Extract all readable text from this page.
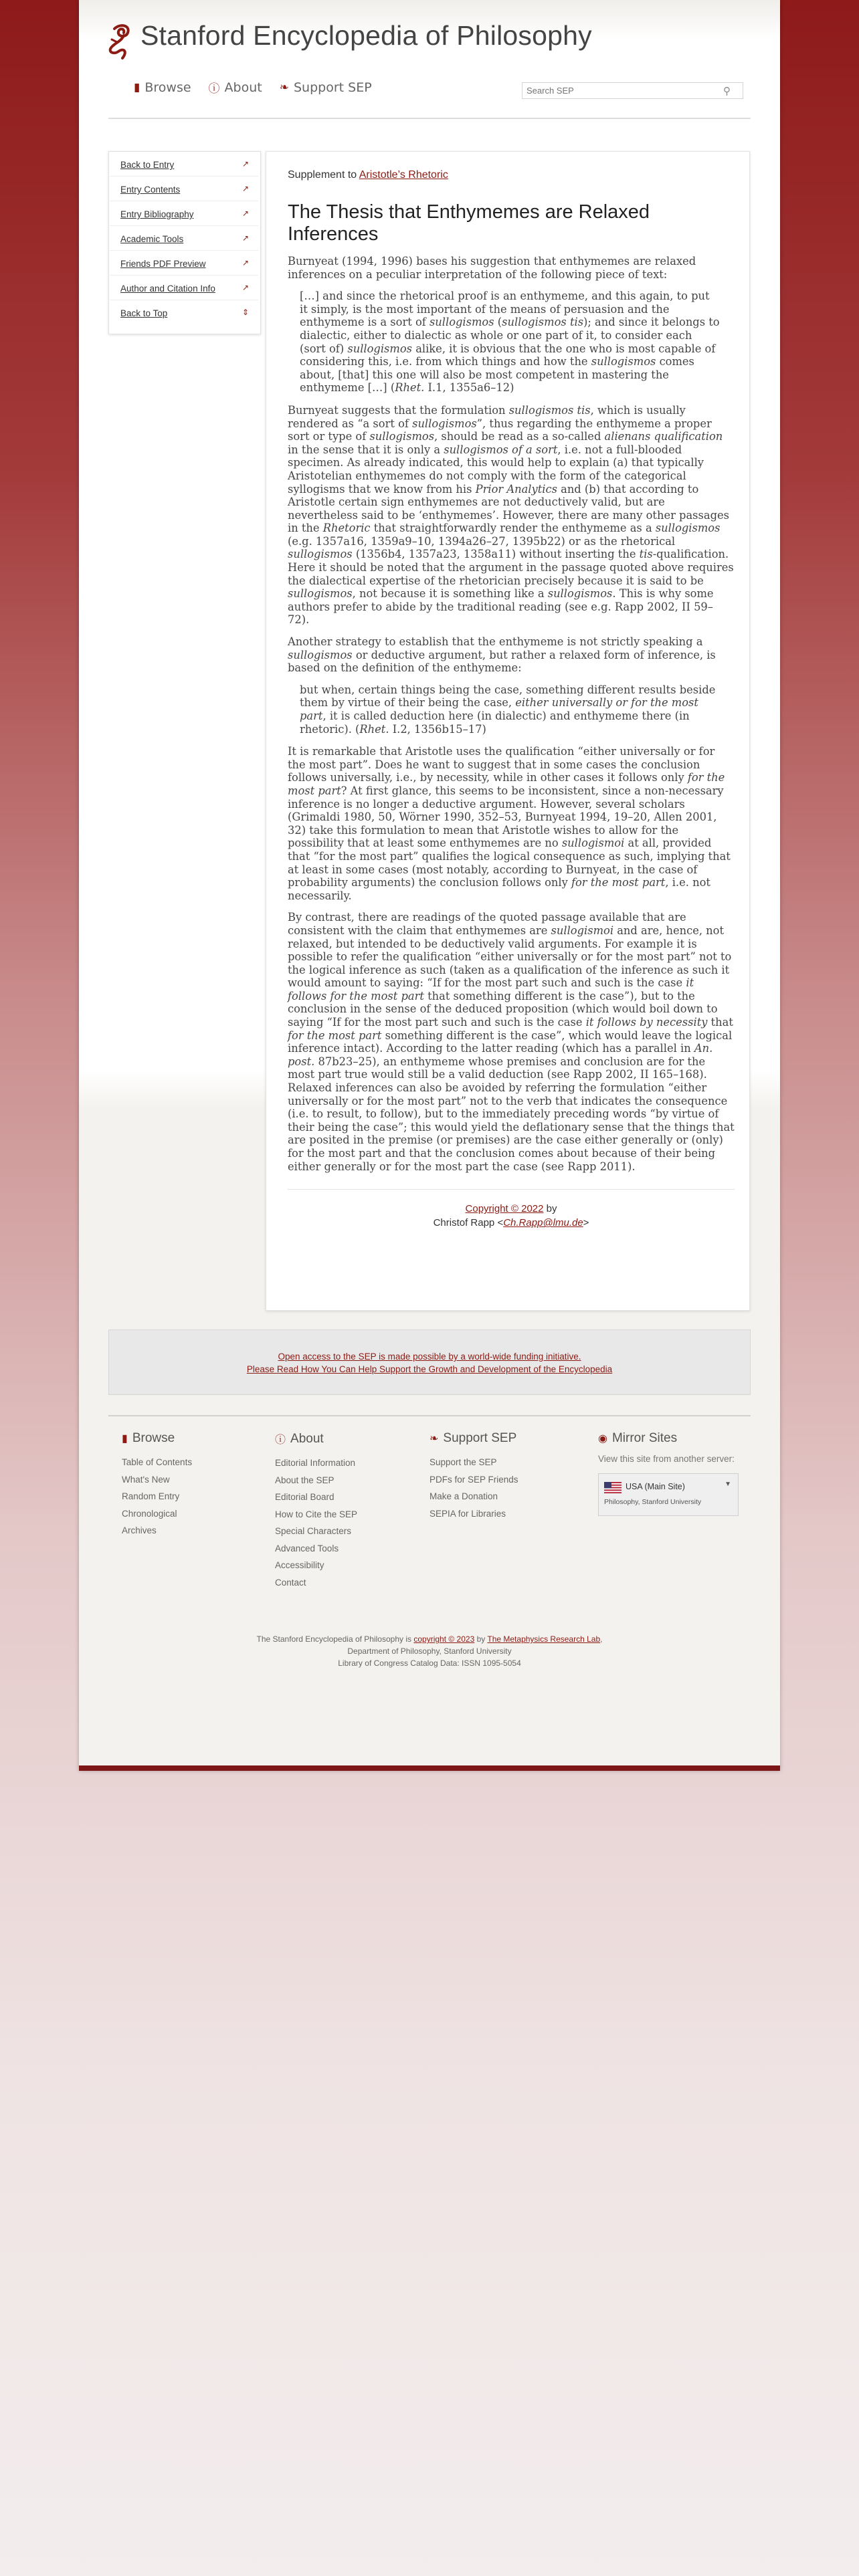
Stanford Encyclopedia of Philosophy
▮ Browse ⓘ About ❧ Support SEP
Search SEP	⚲
Back to Entry	↗
Entry Contents	↗
Entry Bibliography	↗
Academic Tools	↗
Friends PDF Preview	↗
Author and Citation Info	↗
Back to Top	⇕

Supplement to Aristotle’s Rhetoric

The Thesis that Enthymemes are Relaxed Inferences

Burnyeat (1994, 1996) bases his suggestion that enthymemes are relaxed inferences on a peculiar interpretation of the following piece of text:

[…] and since the rhetorical proof is an enthymeme, and this again, to put it simply, is the most important of the means of persuasion and the enthymeme is a sort of sullogismos (sullogismos tis); and since it belongs to dialectic, either to dialectic as whole or one part of it, to consider each (sort of) sullogismos alike, it is obvious that the one who is most capable of considering this, i.e. from which things and how the sullogismos comes about, [that] this one will also be most competent in mastering the enthymeme […] (Rhet. I.1, 1355a6–12)

Burnyeat suggests that the formulation sullogismos tis, which is usually rendered as “a sort of sullogismos”, thus regarding the enthymeme a proper sort or type of sullogismos, should be read as a so-called alienans qualification in the sense that it is only a sullogismos of a sort, i.e. not a full-blooded specimen. As already indicated, this would help to explain (a) that typically Aristotelian enthymemes do not comply with the form of the categorical syllogisms that we know from his Prior Analytics and (b) that according to Aristotle certain sign enthymemes are not deductively valid, but are nevertheless said to be ‘enthymemes’. However, there are many other passages in the Rhetoric that straightforwardly render the enthymeme as a sullogismos (e.g. 1357a16, 1359a9–10, 1394a26–27, 1395b22) or as the rhetorical sullogismos (1356b4, 1357a23, 1358a11) without inserting the tis-qualification. Here it should be noted that the argument in the passage quoted above requires the dialectical expertise of the rhetorician precisely because it is said to be sullogismos, not because it is something like a sullogismos. This is why some authors prefer to abide by the traditional reading (see e.g. Rapp 2002, II 59–72).

Another strategy to establish that the enthymeme is not strictly speaking a sullogismos or deductive argument, but rather a relaxed form of inference, is based on the definition of the enthymeme:

but when, certain things being the case, something different results beside them by virtue of their being the case, either universally or for the most part, it is called deduction here (in dialectic) and enthymeme there (in rhetoric). (Rhet. I.2, 1356b15–17)

It is remarkable that Aristotle uses the qualification “either universally or for the most part”. Does he want to suggest that in some cases the conclusion follows universally, i.e., by necessity, while in other cases it follows only for the most part? At first glance, this seems to be inconsistent, since a non-necessary inference is no longer a deductive argument. However, several scholars (Grimaldi 1980, 50, Wörner 1990, 352–53, Burnyeat 1994, 19–20, Allen 2001, 32) take this formulation to mean that Aristotle wishes to allow for the possibility that at least some enthymemes are no sullogismoi at all, provided that “for the most part” qualifies the logical consequence as such, implying that at least in some cases (most notably, according to Burnyeat, in the case of probability arguments) the conclusion follows only for the most part, i.e. not necessarily.

By contrast, there are readings of the quoted passage available that are consistent with the claim that enthymemes are sullogismoi and are, hence, not relaxed, but intended to be deductively valid arguments. For example it is possible to refer the qualification “either universally or for the most part” not to the logical inference as such (taken as a qualification of the inference as such it would amount to saying: “If for the most part such and such is the case it follows for the most part that something different is the case”), but to the conclusion in the sense of the deduced proposition (which would boil down to saying “If for the most part such and such is the case it follows by necessity that for the most part something different is the case”, which would leave the logical inference intact). According to the latter reading (which has a parallel in An. post. 87b23–25), an enthymeme whose premises and conclusion are for the most part true would still be a valid deduction (see Rapp 2002, II 165–168). Relaxed inferences can also be avoided by referring the formulation “either universally or for the most part” not to the verb that indicates the consequence (i.e. to result, to follow), but to the immediately preceding words “by virtue of their being the case”; this would yield the deflationary sense that the things that are posited in the premise (or premises) are the case either generally or (only) for the most part and that the conclusion comes about because of their being either generally or for the most part the case (see Rapp 2011).

Copyright © 2022 by
Christof Rapp <Ch.Rapp@lmu.de>
Open access to the SEP is made possible by a world-wide funding initiative.
Please Read How You Can Help Support the Growth and Development of the Encyclopedia
▮ Browse
Table of Contents
What's New
Random Entry
Chronological
Archives
ⓘ About
Editorial Information
About the SEP
Editorial Board
How to Cite the SEP
Special Characters
Advanced Tools
Accessibility
Contact
❧ Support SEP
Support the SEP
PDFs for SEP Friends
Make a Donation
SEPIA for Libraries
◉ Mirror Sites

View this site from another server:

USA (Main Site)
Philosophy, Stanford University
▼
The Stanford Encyclopedia of Philosophy is copyright © 2023 by The Metaphysics Research Lab,
Department of Philosophy, Stanford University
Library of Congress Catalog Data: ISSN 1095-5054
